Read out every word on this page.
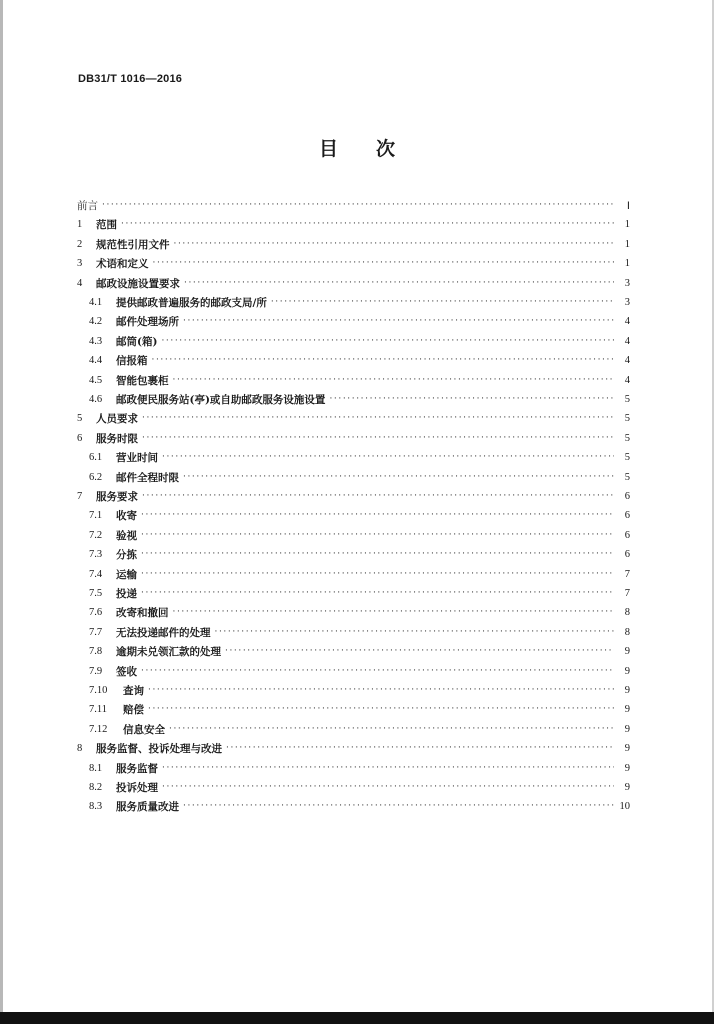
DB31/T 1016—2016
目 次
前言 ·····	Ⅰ
1	范围 ·····	1
2	规范性引用文件 ·····	1
3	术语和定义 ·····	1
4	邮政设施设置要求 ·····	3
4.1	提供邮政普遍服务的邮政支局/所 ·····	3
4.2	邮件处理场所 ·····	4
4.3	邮筒(箱) ·····	4
4.4	信报箱 ·····	4
4.5	智能包裹柜 ·····	4
4.6	邮政便民服务站(亭)或自助邮政服务设施设置 ·····	5
5	人员要求 ·····	5
6	服务时限 ·····	5
6.1	营业时间 ·····	5
6.2	邮件全程时限 ·····	5
7	服务要求 ·····	6
7.1	收寄 ·····	6
7.2	验视 ·····	6
7.3	分拣 ·····	6
7.4	运输 ·····	7
7.5	投递 ·····	7
7.6	改寄和撤回 ·····	8
7.7	无法投递邮件的处理 ·····	8
7.8	逾期未兑领汇款的处理 ·····	9
7.9	签收 ·····	9
7.10	查询 ·····	9
7.11	赔偿 ·····	9
7.12	信息安全 ·····	9
8	服务监督、投诉处理与改进 ·····	9
8.1	服务监督 ·····	9
8.2	投诉处理 ·····	9
8.3	服务质量改进 ·····	10
